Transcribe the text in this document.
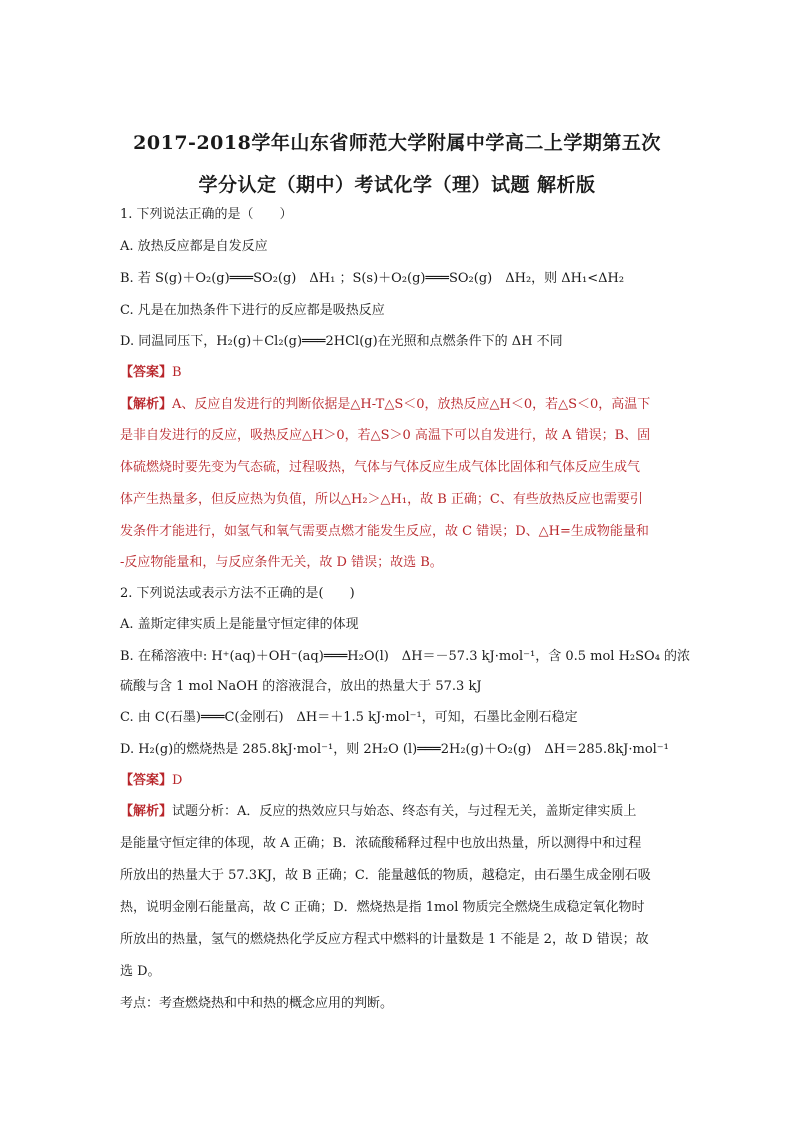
2017-2018学年山东省师范大学附属中学高二上学期第五次
学分认定（期中）考试化学（理）试题 解析版
1. 下列说法正确的是（　　）
A. 放热反应都是自发反应
B. 若 S(g)＋O₂(g)═══SO₂(g)　ΔH₁ ；S(s)＋O₂(g)═══SO₂(g)　ΔH₂，则 ΔH₁<ΔH₂
C. 凡是在加热条件下进行的反应都是吸热反应
D. 同温同压下，H₂(g)＋Cl₂(g)═══2HCl(g)在光照和点燃条件下的 ΔH 不同
【答案】B
【解析】A、反应自发进行的判断依据是△H-T△S＜0，放热反应△H＜0，若△S＜0，高温下
是非自发进行的反应，吸热反应△H＞0，若△S＞0 高温下可以自发进行，故 A 错误；B、固
体硫燃烧时要先变为气态硫，过程吸热，气体与气体反应生成气体比固体和气体反应生成气
体产生热量多，但反应热为负值，所以△H₂＞△H₁，故 B 正确；C、有些放热反应也需要引
发条件才能进行，如氢气和氧气需要点燃才能发生反应，故 C 错误；D、△H=生成物能量和
-反应物能量和，与反应条件无关，故 D 错误；故选 B。
2. 下列说法或表示方法不正确的是(　　)
A. 盖斯定律实质上是能量守恒定律的体现
B. 在稀溶液中: H⁺(aq)＋OH⁻(aq)═══H₂O(l)　ΔH＝－57.3 kJ·mol⁻¹，含 0.5 mol H₂SO₄ 的浓
硫酸与含 1 mol NaOH 的溶液混合，放出的热量大于 57.3 kJ
C. 由 C(石墨)═══C(金刚石)　ΔH＝＋1.5 kJ·mol⁻¹，可知，石墨比金刚石稳定
D. H₂(g)的燃烧热是 285.8kJ·mol⁻¹，则 2H₂O (l)═══2H₂(g)＋O₂(g)　ΔH＝285.8kJ·mol⁻¹
【答案】D
【解析】试题分析：A．反应的热效应只与始态、终态有关，与过程无关，盖斯定律实质上
是能量守恒定律的体现，故 A 正确；B．浓硫酸稀释过程中也放出热量，所以测得中和过程
所放出的热量大于 57.3KJ，故 B 正确；C．能量越低的物质，越稳定，由石墨生成金刚石吸
热，说明金刚石能量高，故 C 正确；D．燃烧热是指 1mol 物质完全燃烧生成稳定氧化物时
所放出的热量，氢气的燃烧热化学反应方程式中燃料的计量数是 1 不能是 2，故 D 错误；故
选 D。
考点：考查燃烧热和中和热的概念应用的判断。
